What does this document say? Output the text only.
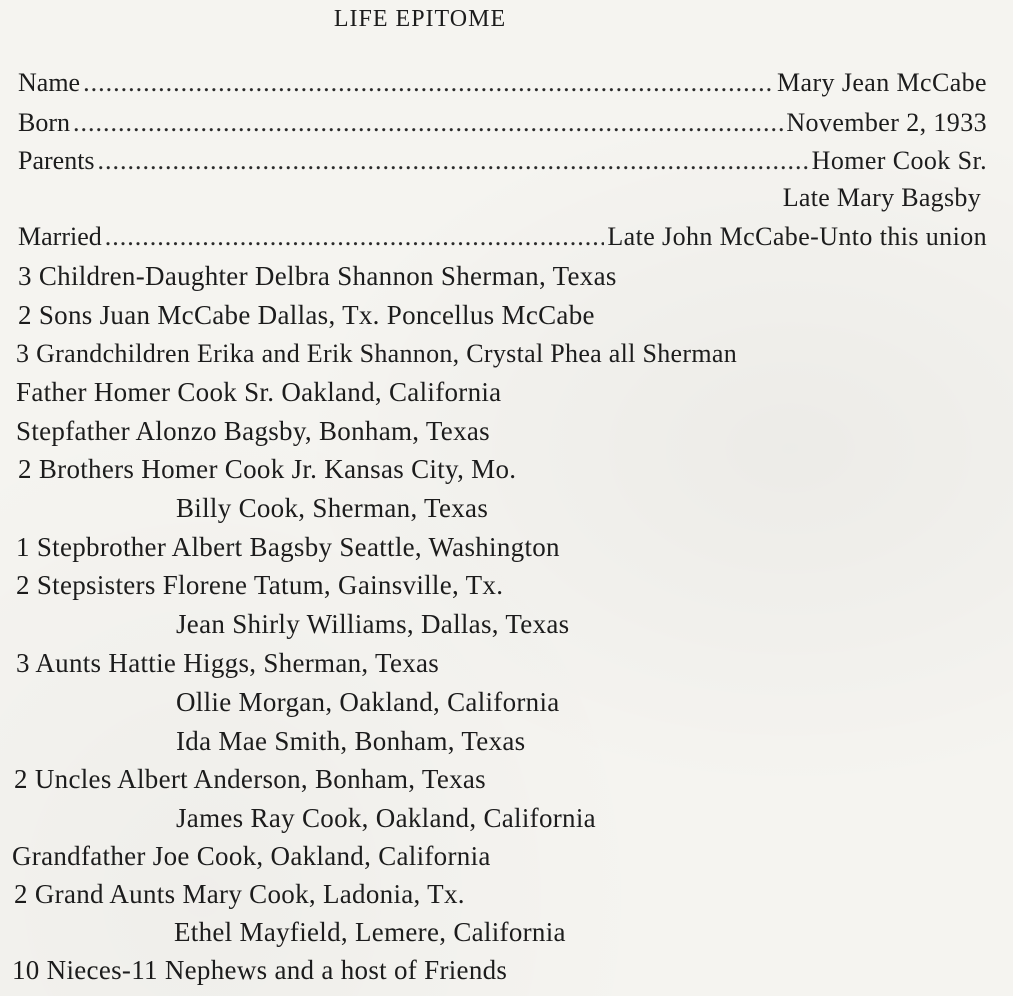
LIFE EPITOME
Name .....	Mary Jean McCabe
Born .....	November 2, 1933
Parents .....	Homer Cook Sr.
Late Mary Bagsby
Married .....	Late John McCabe-Unto this union
3 Children-Daughter Delbra Shannon Sherman, Texas
2 Sons Juan McCabe Dallas, Tx. Poncellus McCabe
3 Grandchildren Erika and Erik Shannon, Crystal Phea all Sherman
Father Homer Cook Sr. Oakland, California
Stepfather Alonzo Bagsby, Bonham, Texas
2 Brothers Homer Cook Jr. Kansas City, Mo.
Billy Cook, Sherman, Texas
1 Stepbrother Albert Bagsby Seattle, Washington
2 Stepsisters Florene Tatum, Gainsville, Tx.
Jean Shirly Williams, Dallas, Texas
3 Aunts Hattie Higgs, Sherman, Texas
Ollie Morgan, Oakland, California
Ida Mae Smith, Bonham, Texas
2 Uncles Albert Anderson, Bonham, Texas
James Ray Cook, Oakland, California
Grandfather Joe Cook, Oakland, California
2 Grand Aunts Mary Cook, Ladonia, Tx.
Ethel Mayfield, Lemere, California
10 Nieces-11 Nephews and a host of Friends
